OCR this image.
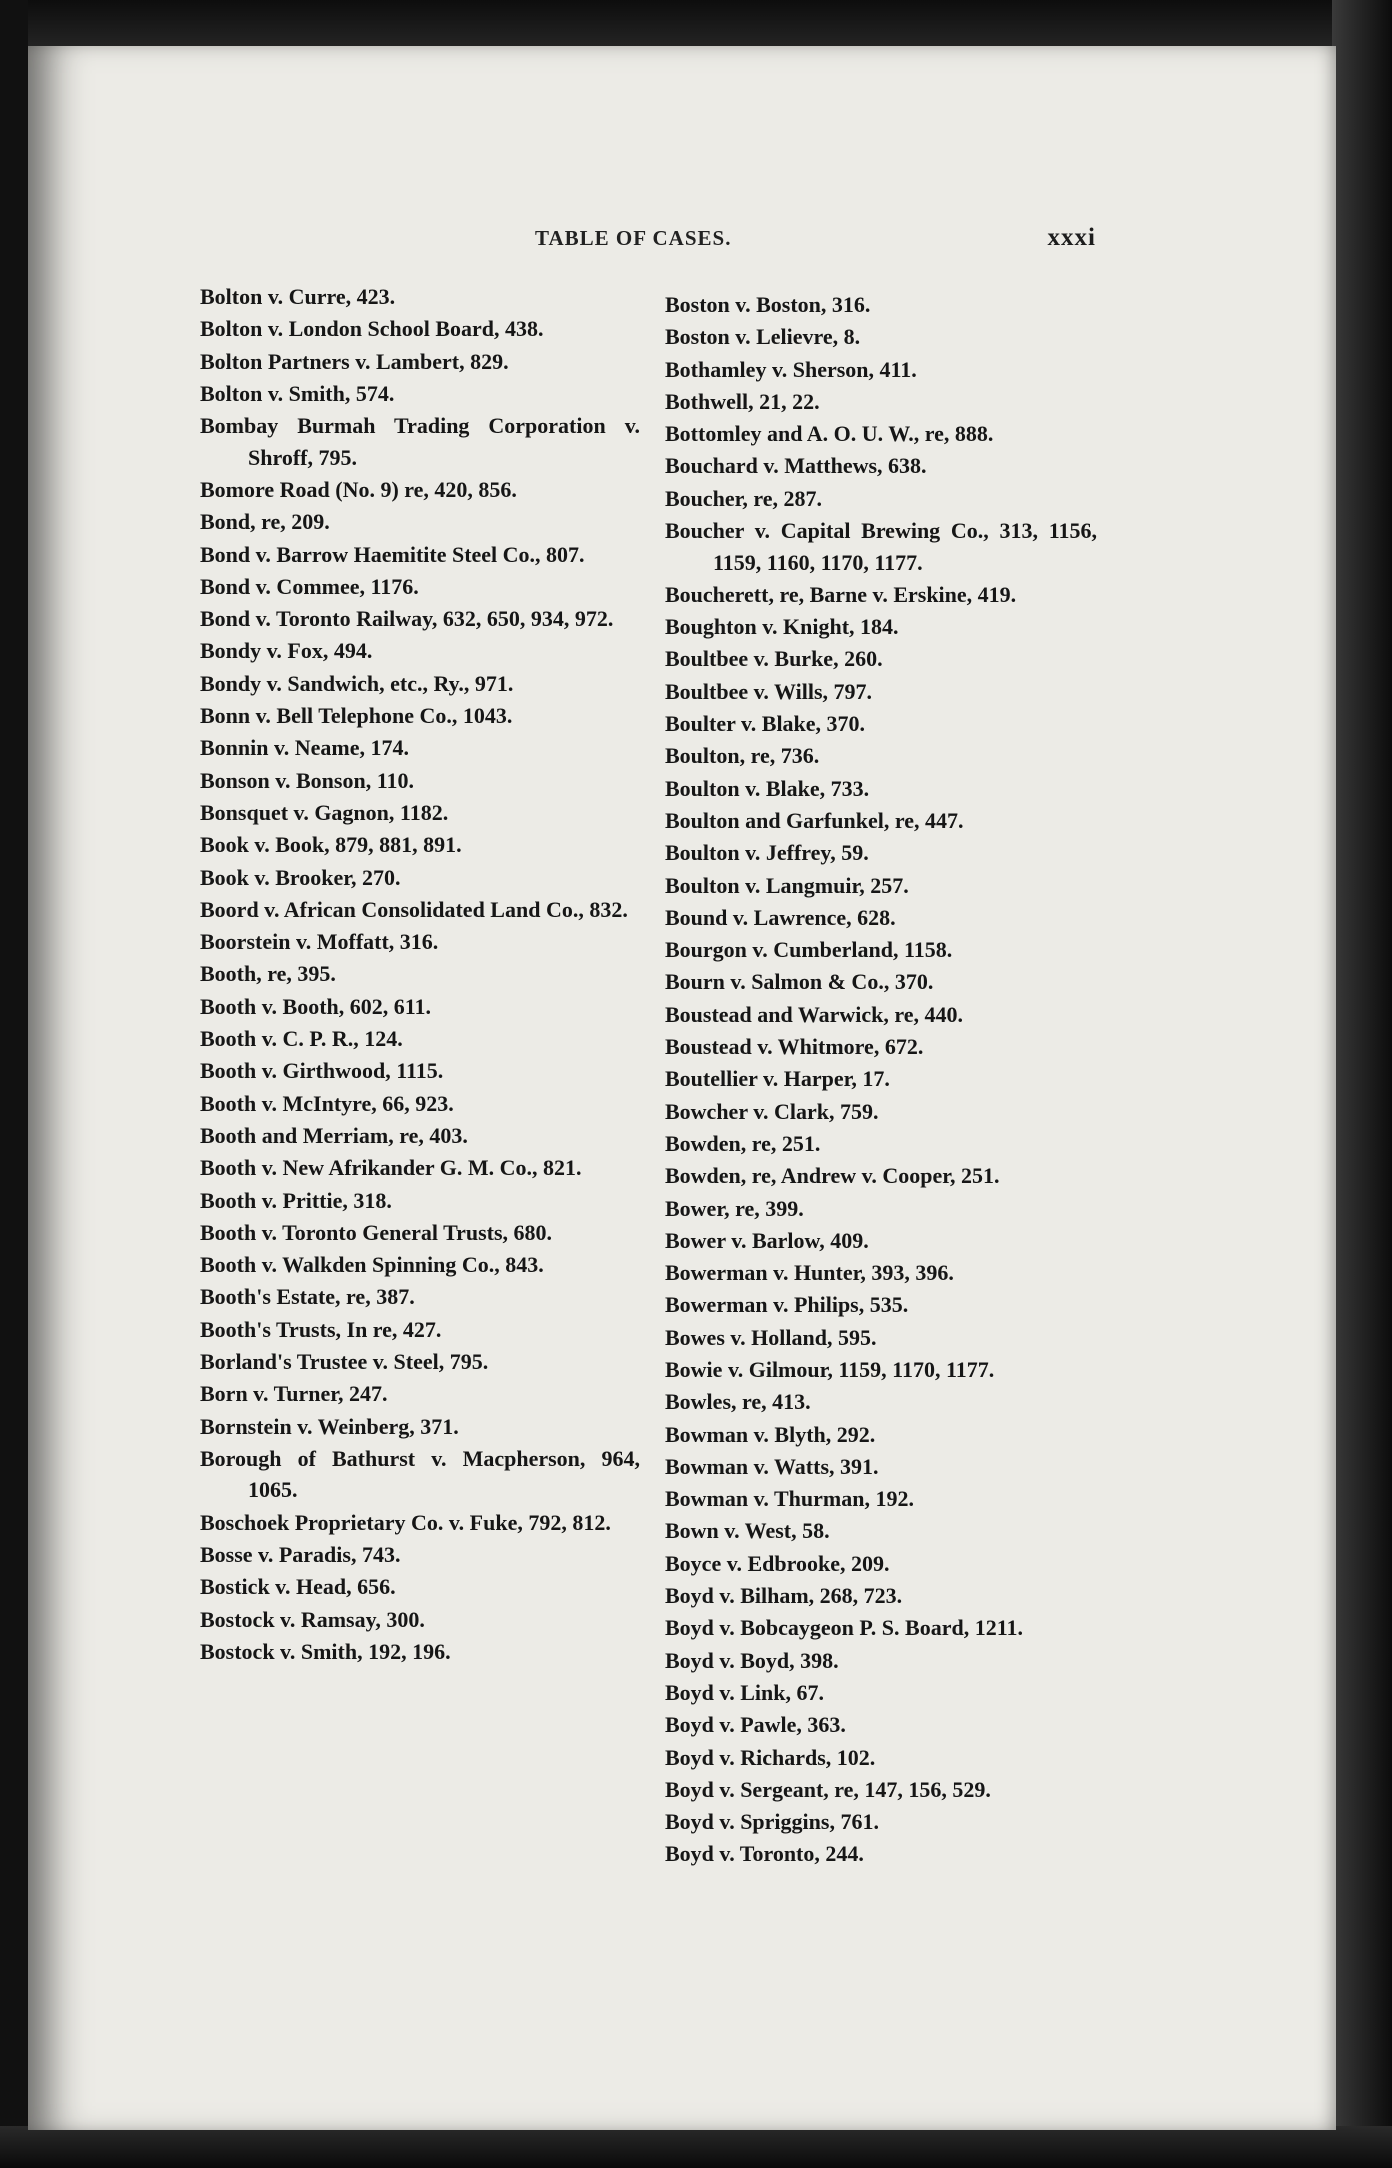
TABLE OF CASES.	xxxi
Bolton v. Curre, 423.
Bolton v. London School Board, 438.
Bolton Partners v. Lambert, 829.
Bolton v. Smith, 574.
Bombay Burmah Trading Corporation v. Shroff, 795.
Bomore Road (No. 9) re, 420, 856.
Bond, re, 209.
Bond v. Barrow Haemitite Steel Co., 807.
Bond v. Commee, 1176.
Bond v. Toronto Railway, 632, 650, 934, 972.
Bondy v. Fox, 494.
Bondy v. Sandwich, etc., Ry., 971.
Bonn v. Bell Telephone Co., 1043.
Bonnin v. Neame, 174.
Bonson v. Bonson, 110.
Bonsquet v. Gagnon, 1182.
Book v. Book, 879, 881, 891.
Book v. Brooker, 270.
Boord v. African Consolidated Land Co., 832.
Boorstein v. Moffatt, 316.
Booth, re, 395.
Booth v. Booth, 602, 611.
Booth v. C. P. R., 124.
Booth v. Girthwood, 1115.
Booth v. McIntyre, 66, 923.
Booth and Merriam, re, 403.
Booth v. New Afrikander G. M. Co., 821.
Booth v. Prittie, 318.
Booth v. Toronto General Trusts, 680.
Booth v. Walkden Spinning Co., 843.
Booth's Estate, re, 387.
Booth's Trusts, In re, 427.
Borland's Trustee v. Steel, 795.
Born v. Turner, 247.
Bornstein v. Weinberg, 371.
Borough of Bathurst v. Macpherson, 964, 1065.
Boschoek Proprietary Co. v. Fuke, 792, 812.
Bosse v. Paradis, 743.
Bostick v. Head, 656.
Bostock v. Ramsay, 300.
Bostock v. Smith, 192, 196.
Boston v. Boston, 316.
Boston v. Lelievre, 8.
Bothamley v. Sherson, 411.
Bothwell, 21, 22.
Bottomley and A. O. U. W., re, 888.
Bouchard v. Matthews, 638.
Boucher, re, 287.
Boucher v. Capital Brewing Co., 313, 1156, 1159, 1160, 1170, 1177.
Boucherett, re, Barne v. Erskine, 419.
Boughton v. Knight, 184.
Boultbee v. Burke, 260.
Boultbee v. Wills, 797.
Boulter v. Blake, 370.
Boulton, re, 736.
Boulton v. Blake, 733.
Boulton and Garfunkel, re, 447.
Boulton v. Jeffrey, 59.
Boulton v. Langmuir, 257.
Bound v. Lawrence, 628.
Bourgon v. Cumberland, 1158.
Bourn v. Salmon & Co., 370.
Boustead and Warwick, re, 440.
Boustead v. Whitmore, 672.
Boutellier v. Harper, 17.
Bowcher v. Clark, 759.
Bowden, re, 251.
Bowden, re, Andrew v. Cooper, 251.
Bower, re, 399.
Bower v. Barlow, 409.
Bowerman v. Hunter, 393, 396.
Bowerman v. Philips, 535.
Bowes v. Holland, 595.
Bowie v. Gilmour, 1159, 1170, 1177.
Bowles, re, 413.
Bowman v. Blyth, 292.
Bowman v. Watts, 391.
Bowman v. Thurman, 192.
Bown v. West, 58.
Boyce v. Edbrooke, 209.
Boyd v. Bilham, 268, 723.
Boyd v. Bobcaygeon P. S. Board, 1211.
Boyd v. Boyd, 398.
Boyd v. Link, 67.
Boyd v. Pawle, 363.
Boyd v. Richards, 102.
Boyd v. Sergeant, re, 147, 156, 529.
Boyd v. Spriggins, 761.
Boyd v. Toronto, 244.
